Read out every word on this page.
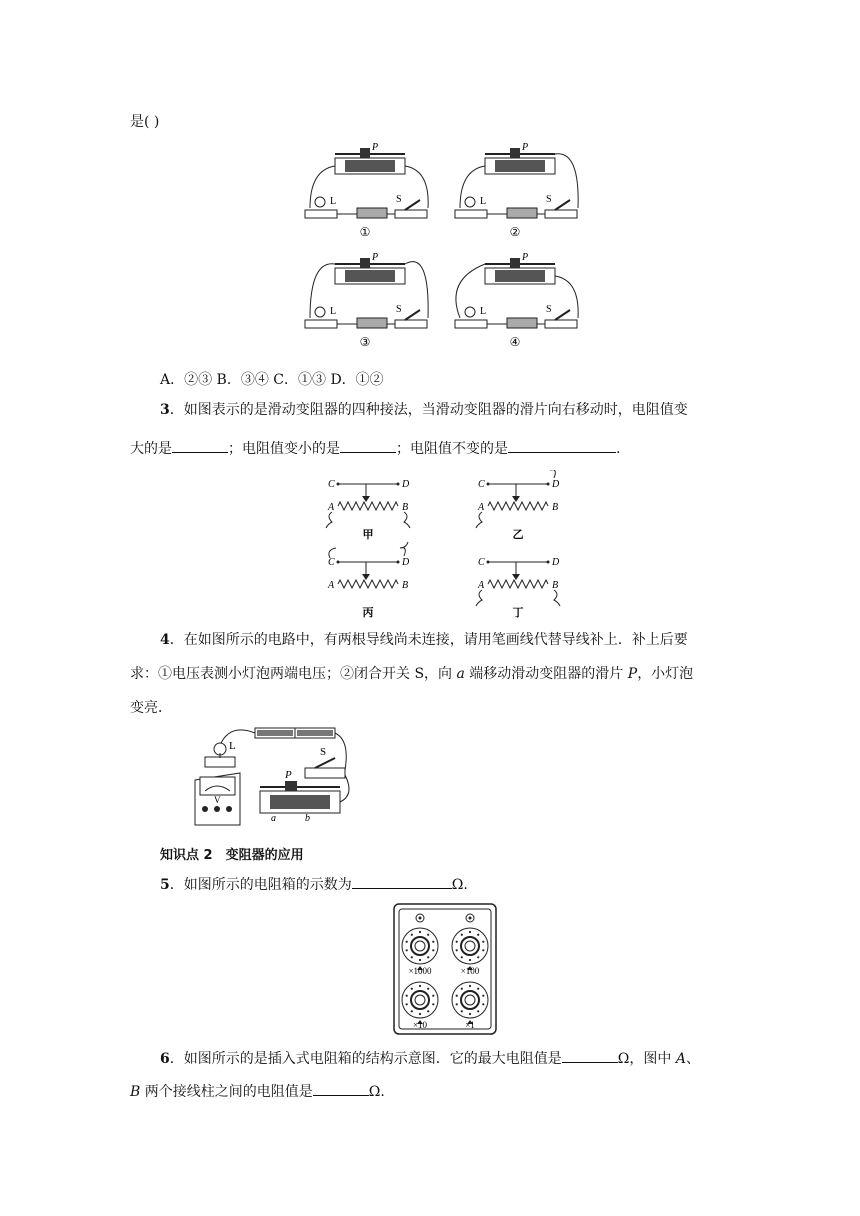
是( )
P
L	S
①
P
L	S
②
P
L	S
③
P
L	S
④
A．②③ B．③④ C．①③ D．①②
3．如图表示的是滑动变阻器的四种接法，当滑动变阻器的滑片向右移动时，电阻值变
大的是	；电阻值变小的是	；电阻值不变的是	.
C	D
A	B
甲
C	D
A	B
乙
C	D
A	B
丙
C	D
A	B
丁
4．在如图所示的电路中，有两根导线尚未连接，请用笔画线代替导线补上．补上后要
求：①电压表测小灯泡两端电压；②闭合开关 S，向 a 端移动滑动变阻器的滑片 P，小灯泡
变亮．
L	S
V
P
a	b
知识点 2　变阻器的应用
5．如图所示的电阻箱的示数为	Ω.
×1000	×100
×10	×1
6．如图所示的是插入式电阻箱的结构示意图．它的最大电阻值是	Ω，图中 A、
B 两个接线柱之间的电阻值是	Ω.
